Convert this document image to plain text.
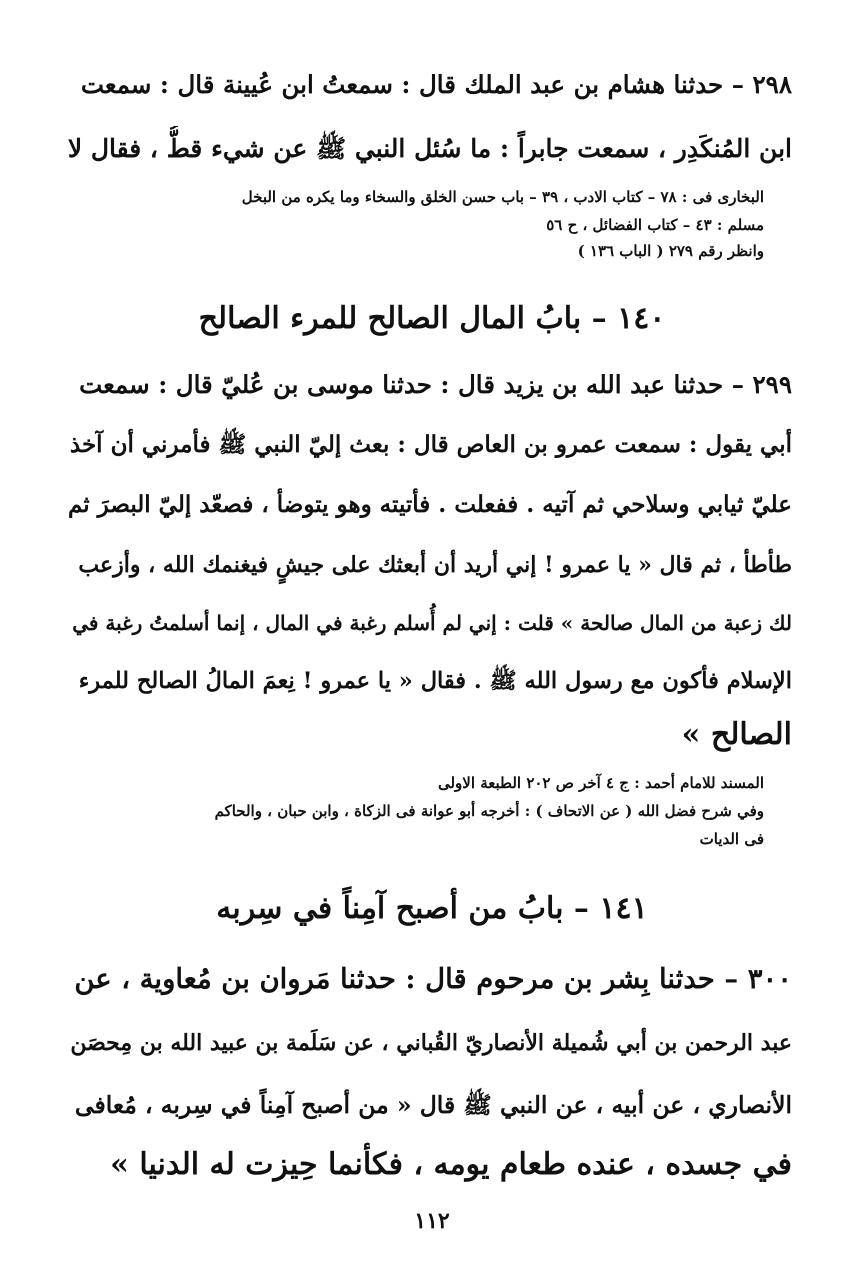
٢٩٨ – حدثنا هشام بن عبد الملك قال : سمعتُ ابن عُيينة قال : سمعت
ابن المُنكَدِر ، سمعت جابراً : ما سُئل النبي ﷺ عن شيء قطُّ ، فقال لا
البخارى فى : ٧٨ – كتاب الادب ، ٣٩ – باب حسن الخلق والسخاء وما يكره من البخل
مسلم : ٤٣ – كتاب الفضائل ، ح ٥٦
وانظر رقم ٢٧٩ ( الباب ١٣٦ )
١٤٠ – بابُ المال الصالح للمرء الصالح
٢٩٩ – حدثنا عبد الله بن يزيد قال : حدثنا موسى بن عُليّ قال : سمعت
أبي يقول : سمعت عمرو بن العاص قال : بعث إليّ النبي ﷺ فأمرني أن آخذ
عليّ ثيابي وسلاحي ثم آتيه . ففعلت . فأتيته وهو يتوضأ ، فصعّد إليّ البصرَ ثم
طأطأ ، ثم قال « يا عمرو ! إني أريد أن أبعثك على جيشٍ فيغنمك الله ، وأزعب
لك زعبة من المال صالحة » قلت : إني لم أُسلم رغبة في المال ، إنما أسلمتُ رغبة في
الإسلام فأكون مع رسول الله ﷺ . فقال « يا عمرو ! نِعمَ المالُ الصالح للمرء
الصالح »
المسند للامام أحمد : ج ٤ آخر ص ٢٠٢ الطبعة الاولى
وفي شرح فضل الله ( عن الاتحاف ) : أخرجه أبو عوانة فى الزكاة ، وابن حبان ، والحاكم
فى الديات
١٤١ – بابُ من أصبح آمِناً في سِربه
٣٠٠ – حدثنا بِشر بن مرحوم قال : حدثنا مَروان بن مُعاوية ، عن
عبد الرحمن بن أبي شُميلة الأنصاريّ القُباني ، عن سَلَمة بن عبيد الله بن مِحصَن
الأنصاري ، عن أبيه ، عن النبي ﷺ قال « من أصبح آمِناً في سِربه ، مُعافى
في جسده ، عنده طعام يومه ، فكأنما حِيزت له الدنيا »
١١٢
